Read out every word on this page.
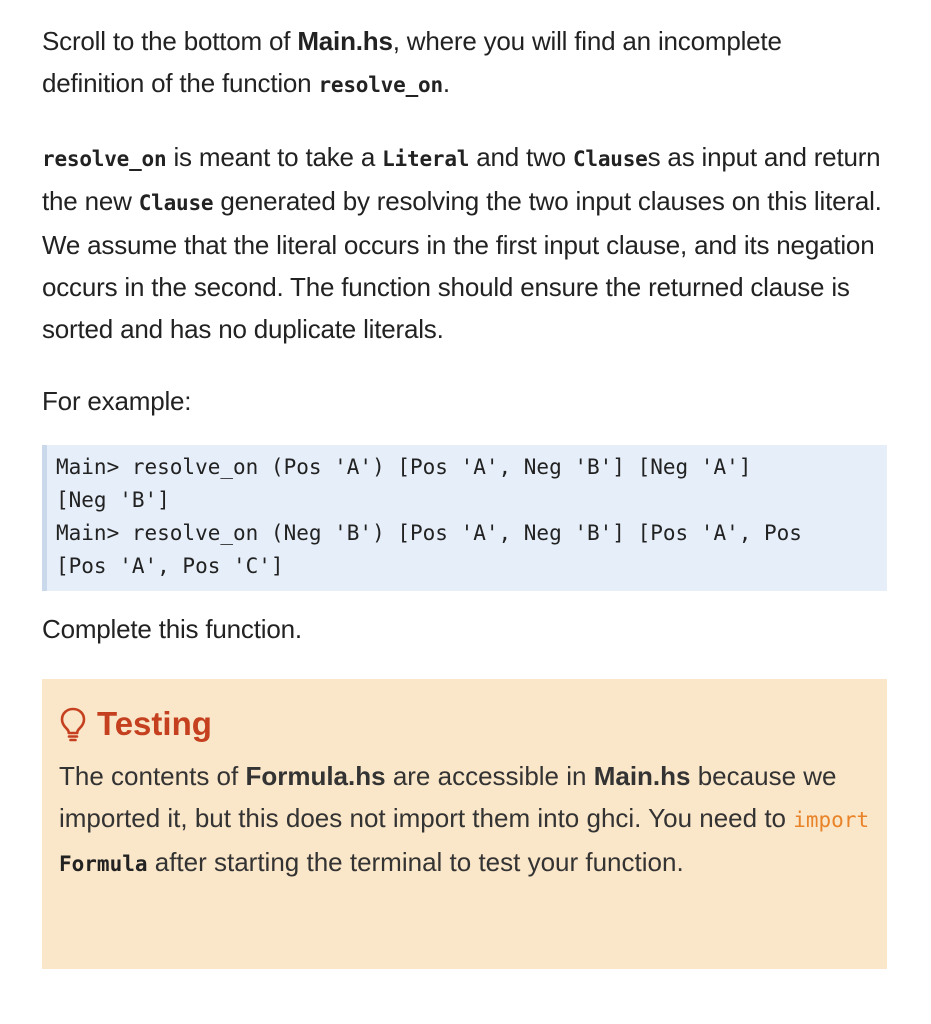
Scroll to the bottom of Main.hs, where you will find an incomplete definition of the function resolve_on.

resolve_on is meant to take a Literal and two Clauses as input and return the new Clause generated by resolving the two input clauses on this literal. We assume that the literal occurs in the first input clause, and its negation occurs in the second. The function should ensure the returned clause is sorted and has no duplicate literals.

For example:

Main> resolve_on (Pos 'A') [Pos 'A', Neg 'B'] [Neg 'A']
[Neg 'B']
Main> resolve_on (Neg 'B') [Pos 'A', Neg 'B'] [Pos 'A', Pos
[Pos 'A', Pos 'C']

Complete this function.

Testing

The contents of Formula.hs are accessible in Main.hs because we imported it, but this does not import them into ghci. You need to import Formula after starting the terminal to test your function.
